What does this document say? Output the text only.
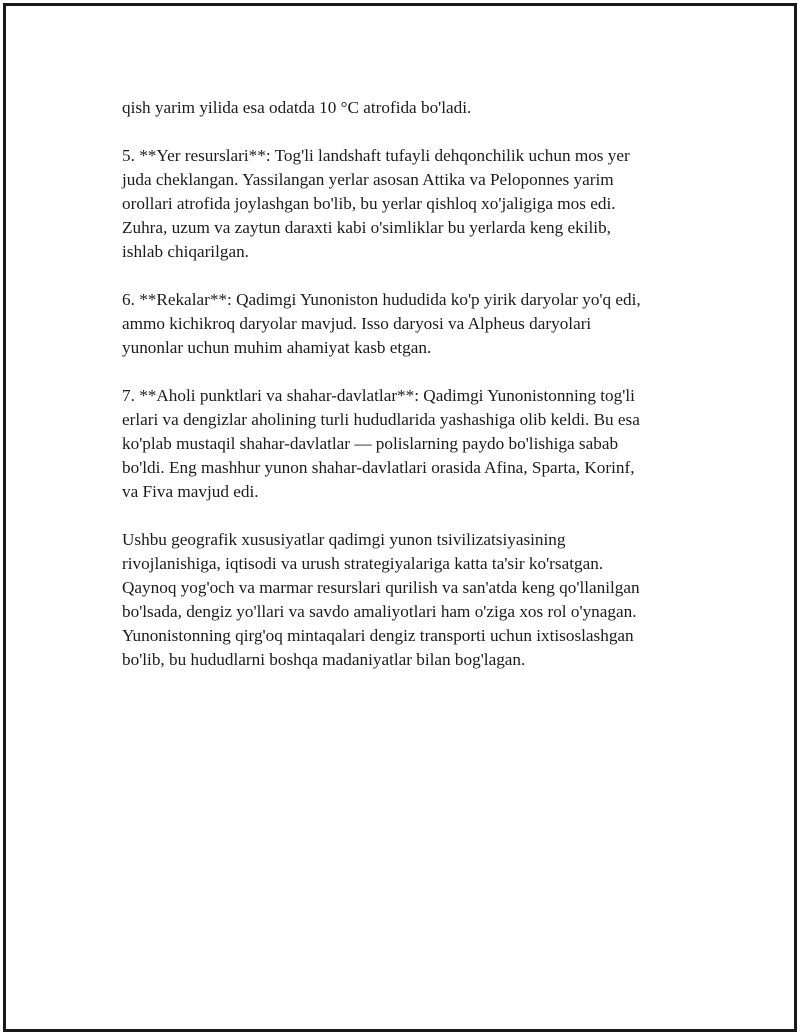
qish yarim yilida esa odatda 10 °C atrofida bo'ladi.

5. **Yer resurslari**: Tog'li landshaft tufayli dehqonchilik uchun mos yer
juda cheklangan. Yassilangan yerlar asosan Attika va Peloponnes yarim
orollari atrofida joylashgan bo'lib, bu yerlar qishloq xo'jaligiga mos edi.
Zuhra, uzum va zaytun daraxti kabi o'simliklar bu yerlarda keng ekilib,
ishlab chiqarilgan.

6. **Rekalar**: Qadimgi Yunoniston hududida ko'p yirik daryolar yo'q edi,
ammo kichikroq daryolar mavjud. Isso daryosi va Alpheus daryolari
yunonlar uchun muhim ahamiyat kasb etgan.

7. **Aholi punktlari va shahar-davlatlar**: Qadimgi Yunonistonning tog'li
erlari va dengizlar aholining turli hududlarida yashashiga olib keldi. Bu esa
ko'plab mustaqil shahar-davlatlar — polislarning paydo bo'lishiga sabab
bo'ldi. Eng mashhur yunon shahar-davlatlari orasida Afina, Sparta, Korinf,
va Fiva mavjud edi.

Ushbu geografik xususiyatlar qadimgi yunon tsivilizatsiyasining
rivojlanishiga, iqtisodi va urush strategiyalariga katta ta'sir ko'rsatgan.
Qaynoq yog'och va marmar resurslari qurilish va san'atda keng qo'llanilgan
bo'lsada, dengiz yo'llari va savdo amaliyotlari ham o'ziga xos rol o'ynagan.
Yunonistonning qirg'oq mintaqalari dengiz transporti uchun ixtisoslashgan
bo'lib, bu hududlarni boshqa madaniyatlar bilan bog'lagan.
